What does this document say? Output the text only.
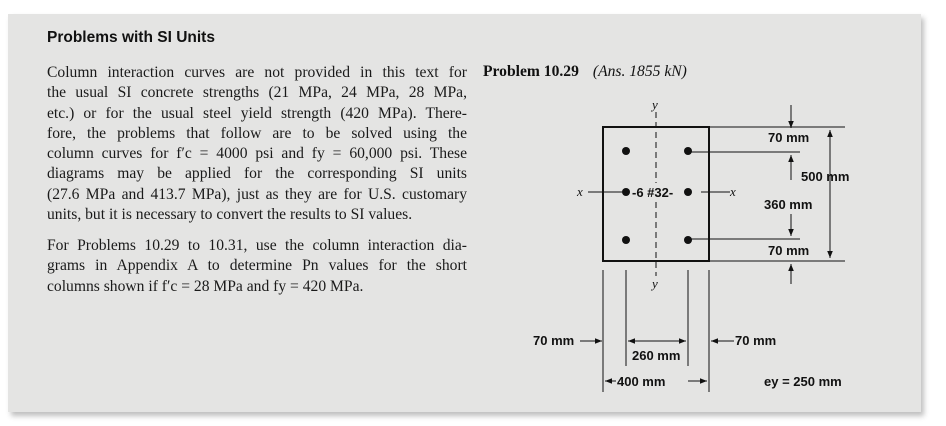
Problems with SI Units
Column interaction curves are not provided in this text for
the usual SI concrete strengths (21 MPa, 24 MPa, 28 MPa,
etc.) or for the usual steel yield strength (420 MPa). There-
fore, the problems that follow are to be solved using the
column curves for f′c = 4000 psi and fy = 60,000 psi. These
diagrams may be applied for the corresponding SI units
(27.6 MPa and 413.7 MPa), just as they are for U.S. customary
units, but it is necessary to convert the results to SI values.
For Problems 10.29 to 10.31, use the column interaction dia-
grams in Appendix A to determine Pn values for the short
columns shown if f′c = 28 MPa and fy = 420 MPa.
Problem 10.29 (Ans. 1855 kN)
y
y
x	x
-6 #32-
70 mm
500 mm
360 mm
70 mm
70 mm	70 mm
260 mm
400 mm	ey = 250 mm
